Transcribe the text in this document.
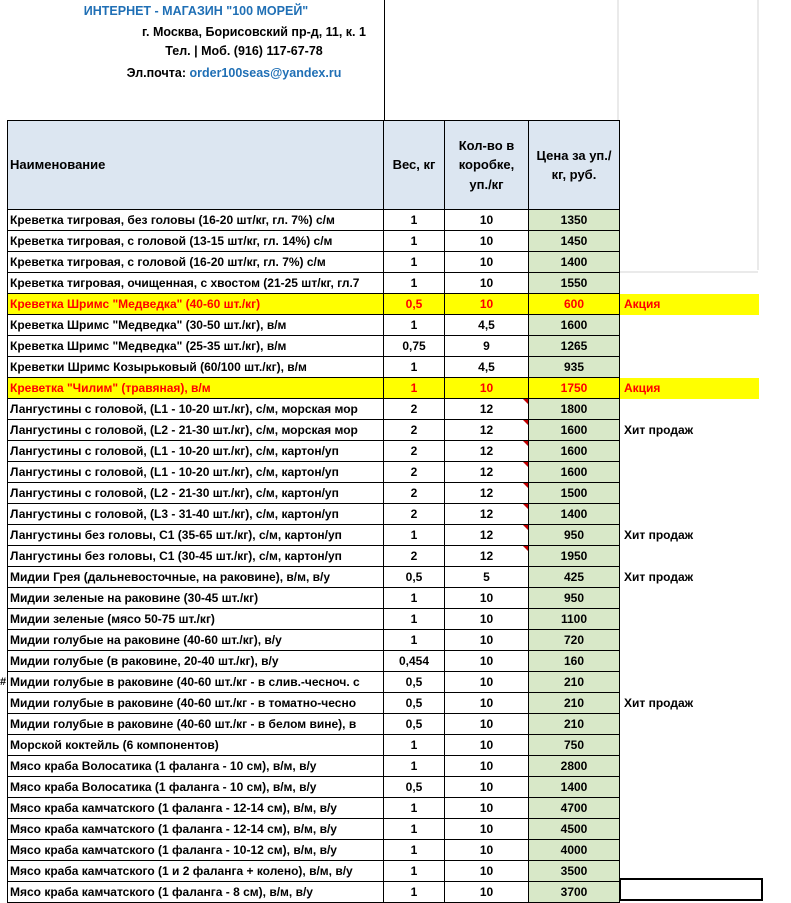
ИНТЕРНЕТ - МАГАЗИН "100 МОРЕЙ"
г. Москва, Борисовский пр-д, 11, к. 1
Тел. | Моб. (916) 117-67-78
Эл.почта: order100seas@yandex.ru
#
Наименование	Вес, кг	Кол-во в коробке, уп./кг	Цена за уп./кг, руб.	
Креветка тигровая, без головы (16-20 шт/кг, гл. 7%) с/м	1	10	1350	
Креветка тигровая, с головой (13-15 шт/кг, гл. 14%) с/м	1	10	1450	
Креветка тигровая, с головой (16-20 шт/кг, гл. 7%) с/м	1	10	1400	
Креветка тигровая, очищенная, с хвостом (21-25 шт/кг, гл.7	1	10	1550	
Креветка Шримс "Медведка" (40-60 шт./кг)	0,5	10	600	Акция
Креветка Шримс "Медведка" (30-50 шт./кг), в/м	1	4,5	1600	
Креветка Шримс "Медведка" (25-35 шт./кг), в/м	0,75	9	1265	
Креветки Шримс Козырьковый (60/100 шт./кг), в/м	1	4,5	935	
Креветка "Чилим" (травяная), в/м	1	10	1750	Акция
Лангустины с головой, (L1 - 10-20 шт./кг), с/м, морская мор	2	12	1800	
Лангустины с головой, (L2 - 21-30 шт./кг), с/м, морская мор	2	12	1600	Хит продаж
Лангустины с головой, (L1 - 10-20 шт./кг), с/м, картон/уп	2	12	1600	
Лангустины с головой, (L1 - 10-20 шт./кг), с/м, картон/уп	2	12	1600	
Лангустины с головой, (L2 - 21-30 шт./кг), с/м, картон/уп	2	12	1500	
Лангустины с головой, (L3 - 31-40 шт./кг), с/м, картон/уп	2	12	1400	
Лангустины без головы, С1 (35-65 шт./кг), с/м, картон/уп	1	12	950	Хит продаж
Лангустины без головы, С1 (30-45 шт./кг), с/м, картон/уп	2	12	1950	
Мидии Грея (дальневосточные, на раковине), в/м, в/у	0,5	5	425	Хит продаж
Мидии зеленые на раковине (30-45 шт./кг)	1	10	950	
Мидии зеленые (мясо 50-75 шт./кг)	1	10	1100	
Мидии голубые на раковине (40-60 шт./кг), в/у	1	10	720	
Мидии голубые (в раковине, 20-40 шт./кг), в/у	0,454	10	160	
Мидии голубые в раковине (40-60 шт./кг - в слив.-чесноч. с	0,5	10	210	
Мидии голубые в раковине (40-60 шт./кг - в томатно-чесно	0,5	10	210	Хит продаж
Мидии голубые в раковине (40-60 шт./кг - в белом вине), в	0,5	10	210	
Морской коктейль (6 компонентов)	1	10	750	
Мясо краба Волосатика (1 фаланга - 10 см), в/м, в/у	1	10	2800	
Мясо краба Волосатика (1 фаланга - 10 см), в/м, в/у	0,5	10	1400	
Мясо краба камчатского (1 фаланга - 12-14 см), в/м, в/у	1	10	4700	
Мясо краба камчатского (1 фаланга - 12-14 см), в/м, в/у	1	10	4500	
Мясо краба камчатского (1 фаланга - 10-12 см), в/м, в/у	1	10	4000	
Мясо краба камчатского (1 и 2 фаланга + колено), в/м, в/у	1	10	3500	
Мясо краба камчатского (1 фаланга - 8 см), в/м, в/у	1	10	3700	
